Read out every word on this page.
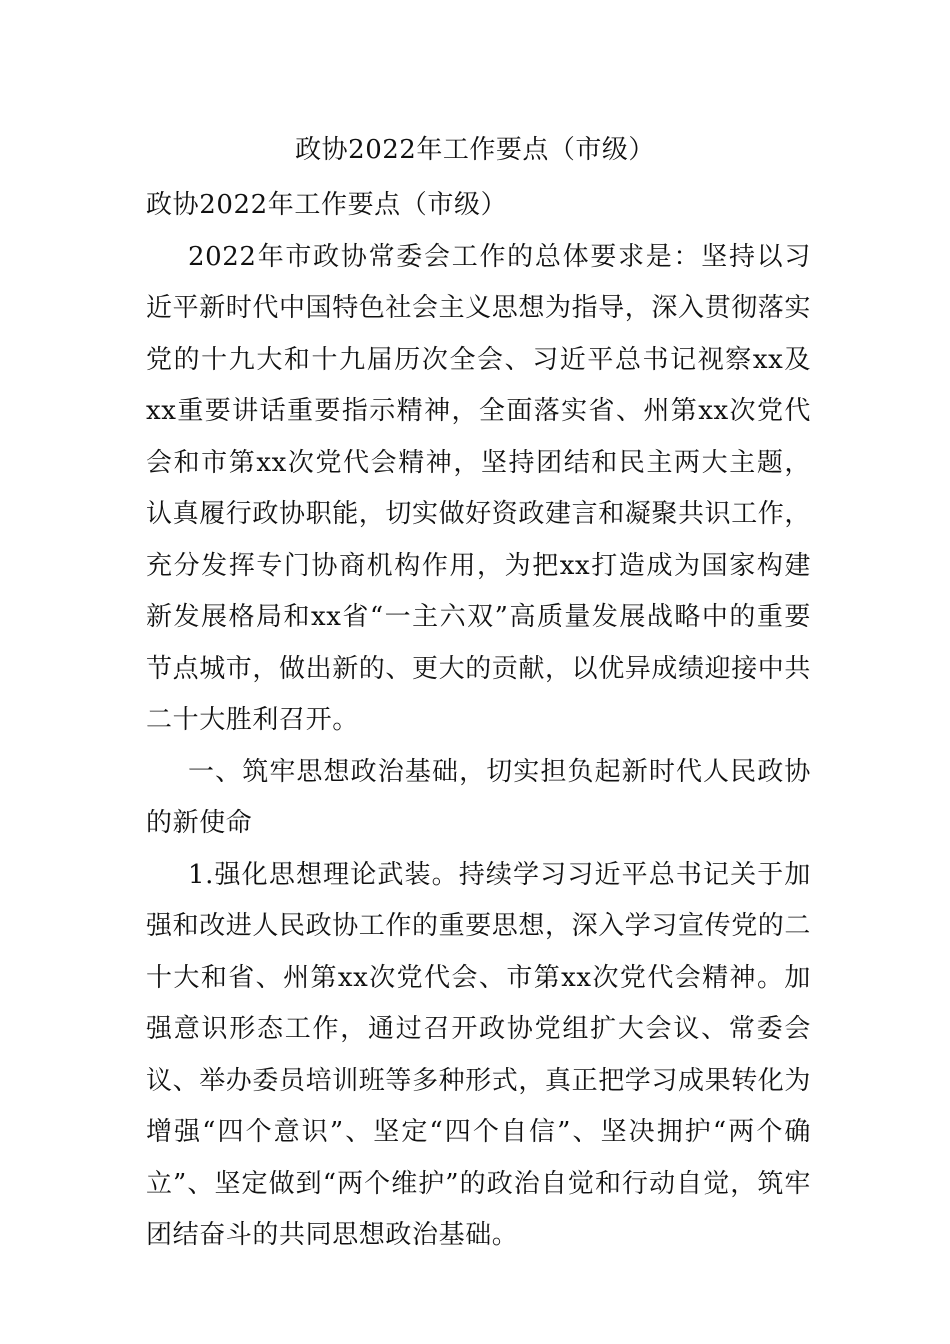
政协2022年工作要点（市级）

政协2022年工作要点（市级）

2022年市政协常委会工作的总体要求是：坚持以习近平新时代中国特色社会主义思想为指导，深入贯彻落实党的十九大和十九届历次全会、习近平总书记视察xx及xx重要讲话重要指示精神，全面落实省、州第xx次党代会和市第xx次党代会精神，坚持团结和民主两大主题，认真履行政协职能，切实做好资政建言和凝聚共识工作，充分发挥专门协商机构作用，为把xx打造成为国家构建新发展格局和xx省“一主六双”高质量发展战略中的重要节点城市，做出新的、更大的贡献，以优异成绩迎接中共二十大胜利召开。

一、筑牢思想政治基础，切实担负起新时代人民政协的新使命

1.强化思想理论武装。持续学习习近平总书记关于加强和改进人民政协工作的重要思想，深入学习宣传党的二十大和省、州第xx次党代会、市第xx次党代会精神。加强意识形态工作，通过召开政协党组扩大会议、常委会议、举办委员培训班等多种形式，真正把学习成果转化为增强“四个意识”、坚定“四个自信”、坚决拥护“两个确立”、坚定做到“两个维护”的政治自觉和行动自觉，筑牢团结奋斗的共同思想政治基础。
